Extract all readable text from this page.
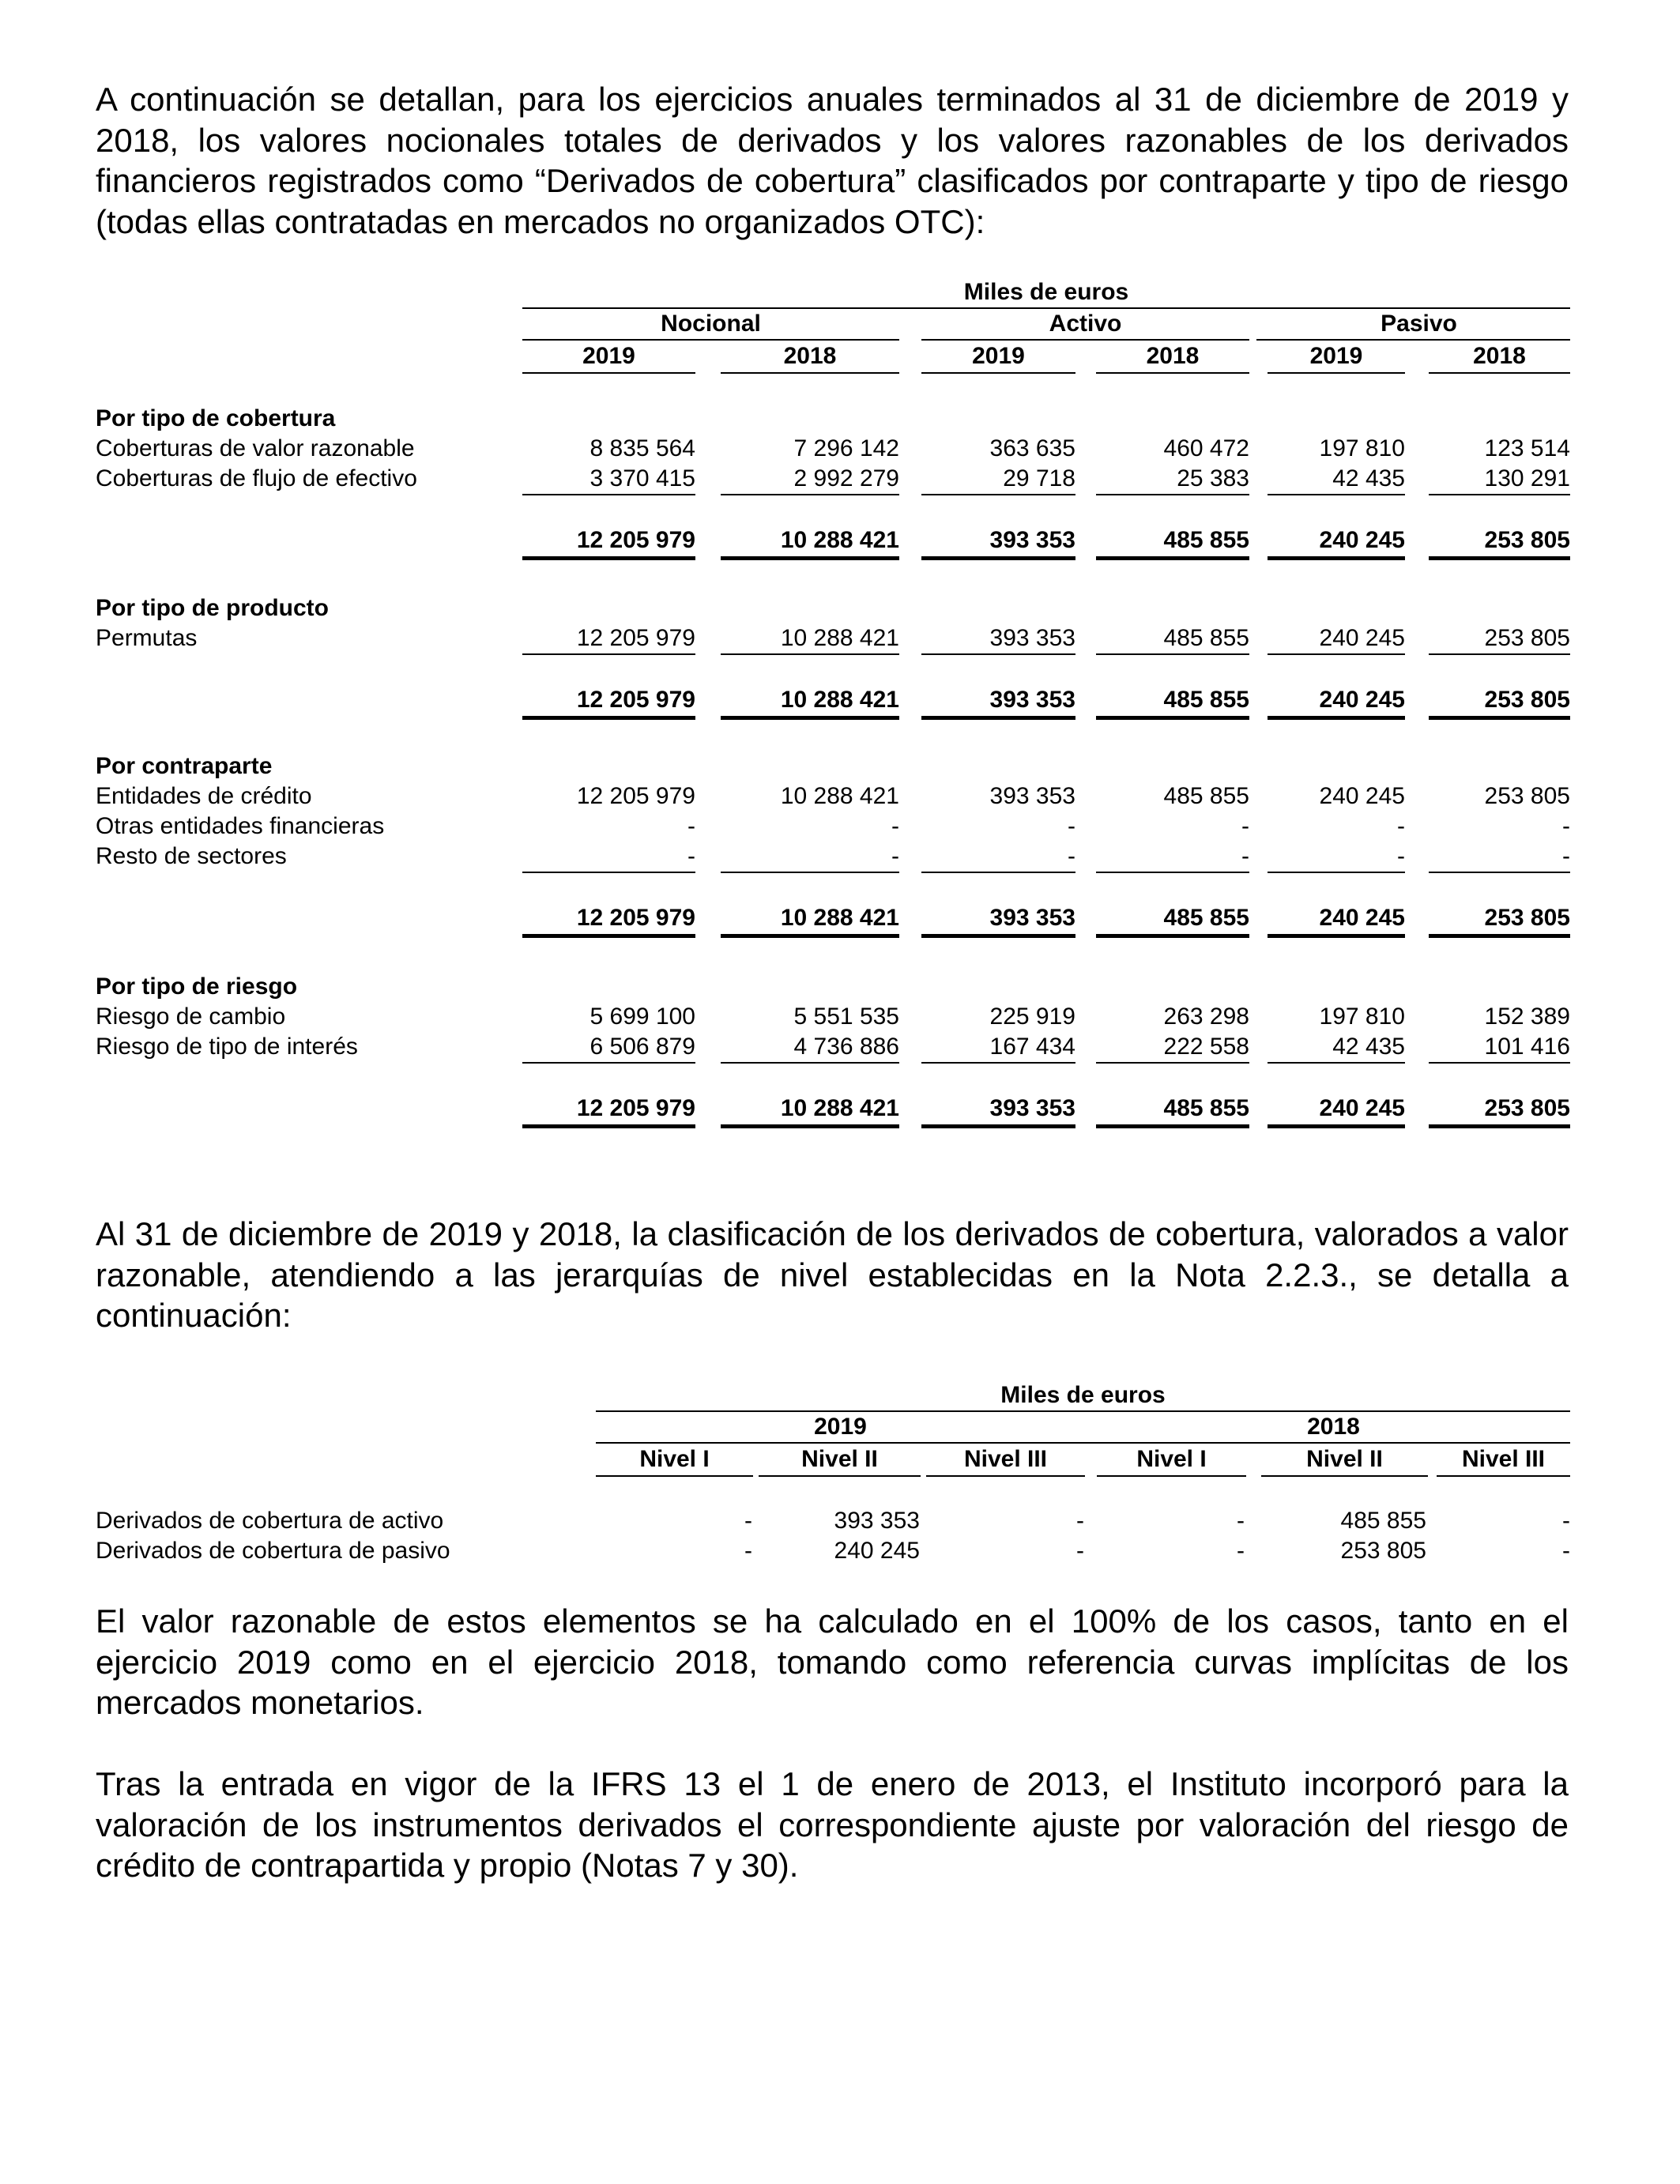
A continuación se detallan, para los ejercicios anuales terminados al 31 de diciembre de 2019 y 2018, los valores nocionales totales de derivados y los valores razonables de los derivados financieros registrados como “Derivados de cobertura” clasificados por contraparte y tipo de riesgo (todas ellas contratadas en mercados no organizados OTC):

Miles de euros
Nocional	Activo	Pasivo
2019	2018	2019	2018	2019	2018
Por tipo de cobertura
Coberturas de valor razonable	8 835 564	7 296 142	363 635	460 472	197 810	123 514
Coberturas de flujo de efectivo	3 370 415	2 992 279	29 718	25 383	42 435	130 291
12 205 979	10 288 421	393 353	485 855	240 245	253 805
Por tipo de producto
Permutas	12 205 979	10 288 421	393 353	485 855	240 245	253 805
12 205 979	10 288 421	393 353	485 855	240 245	253 805
Por contraparte
Entidades de crédito	12 205 979	10 288 421	393 353	485 855	240 245	253 805
Otras entidades financieras	-	-	-	-	-	-
Resto de sectores	-	-	-	-	-	-
12 205 979	10 288 421	393 353	485 855	240 245	253 805
Por tipo de riesgo
Riesgo de cambio	5 699 100	5 551 535	225 919	263 298	197 810	152 389
Riesgo de tipo de interés	6 506 879	4 736 886	167 434	222 558	42 435	101 416
12 205 979	10 288 421	393 353	485 855	240 245	253 805

Al 31 de diciembre de 2019 y 2018, la clasificación de los derivados de cobertura, valorados a valor razonable, atendiendo a las jerarquías de nivel establecidas en la Nota 2.2.3., se detalla a continuación:

Miles de euros
2019	2018
Nivel I	Nivel II	Nivel III	Nivel I	Nivel II	Nivel III
Derivados de cobertura de activo	-	393 353	-	-	485 855	-
Derivados de cobertura de pasivo	-	240 245	-	-	253 805	-

El valor razonable de estos elementos se ha calculado en el 100% de los casos, tanto en el ejercicio 2019 como en el ejercicio 2018, tomando como referencia curvas implícitas de los mercados monetarios.

Tras la entrada en vigor de la IFRS 13 el 1 de enero de 2013, el Instituto incorporó para la valoración de los instrumentos derivados el correspondiente ajuste por valoración del riesgo de crédito de contrapartida y propio (Notas 7 y 30).
